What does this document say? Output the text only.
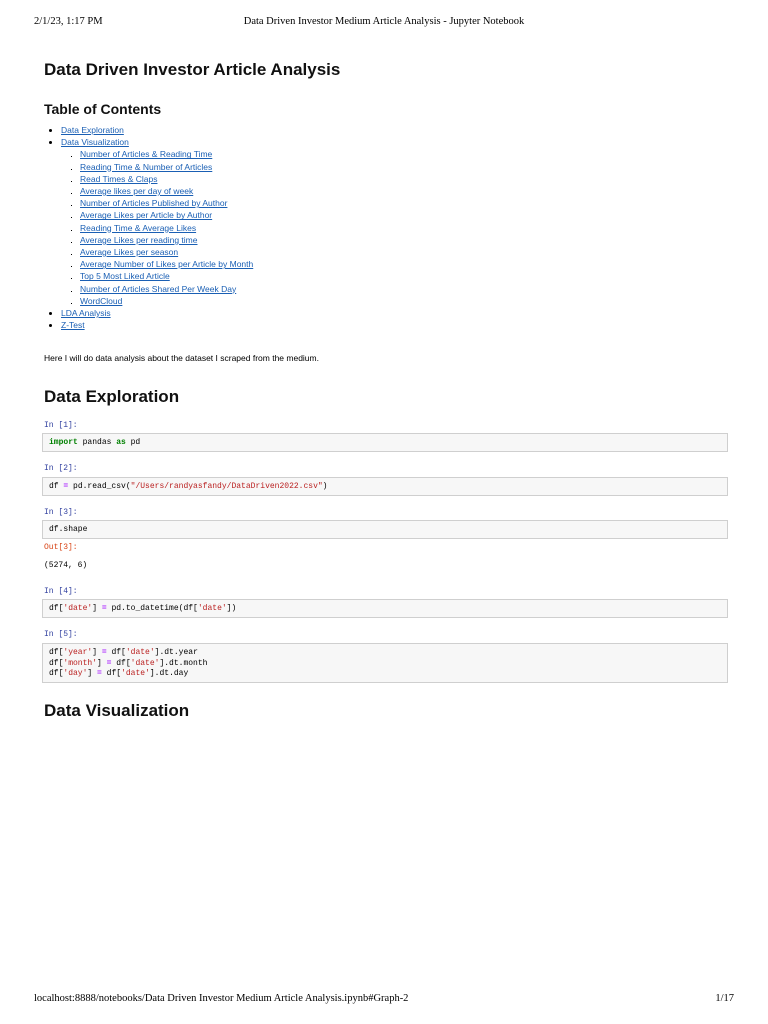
2/1/23, 1:17 PM	Data Driven Investor Medium Article Analysis - Jupyter Notebook
Data Driven Investor Article Analysis
Table of Contents
• Data Exploration
• Data Visualization
▪ Number of Articles & Reading Time
▪ Reading Time & Number of Articles
▪ Read Times & Claps
▪ Average likes per day of week
▪ Number of Articles Published by Author
▪ Average Likes per Article by Author
▪ Reading Time & Average Likes
▪ Average Likes per reading time
▪ Average Likes per season
▪ Average Number of Likes per Article by Month
▪ Top 5 Most Liked Article
▪ Number of Articles Shared Per Week Day
▪ WordCloud
• LDA Analysis
• Z-Test
Here I will do data analysis about the dataset I scraped from the medium.
Data Exploration
In [1]:
import pandas as pd
In [2]:
df = pd.read_csv("/Users/randyasfandy/DataDriven2022.csv")
In [3]:
df.shape
Out[3]:
(5274, 6)
In [4]:
df['date'] = pd.to_datetime(df['date'])
In [5]:
df['year'] = df['date'].dt.year
df['month'] = df['date'].dt.month
df['day'] = df['date'].dt.day
Data Visualization
localhost:8888/notebooks/Data Driven Investor Medium Article Analysis.ipynb#Graph-2	1/17
